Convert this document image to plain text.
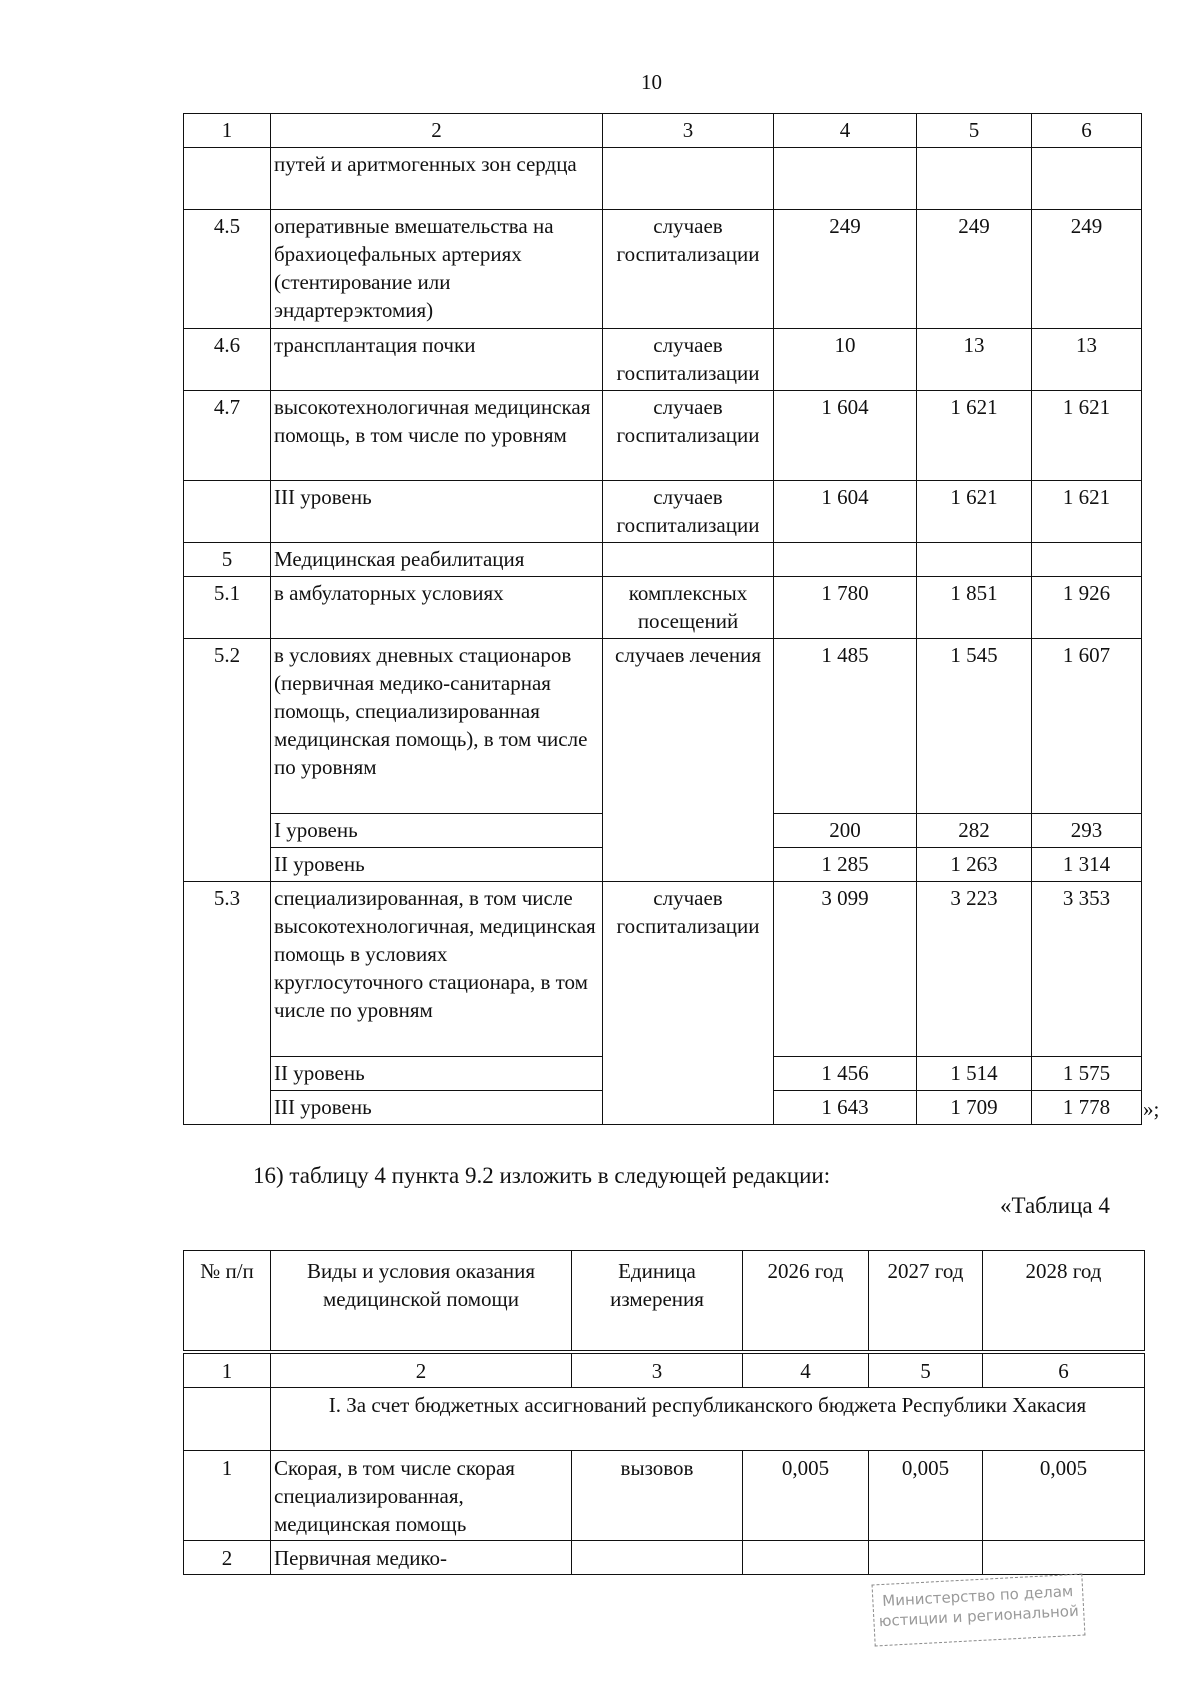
10
1	2	3	4	5	6
	путей и аритмогенных зон сердца				
4.5	оперативные вмешательства на брахиоцефальных артериях (стентирование или эндартерэктомия)	случаев госпитализации	249	249	249
4.6	трансплантация почки	случаев госпитализации	10	13	13
4.7	высокотехнологичная медицинская помощь, в том числе по уровням	случаев госпитализации	1 604	1 621	1 621
	III уровень	случаев госпитализации	1 604	1 621	1 621
5	Медицинская реабилитация				
5.1	в амбулаторных условиях	комплексных посещений	1 780	1 851	1 926
5.2	в условиях дневных стационаров (первичная медико-санитарная помощь, специализированная медицинская помощь), в том числе по уровням	случаев лечения	1 485	1 545	1 607
	I уровень		200	282	293
	II уровень		1 285	1 263	1 314
5.3	специализированная, в том числе высокотехнологичная, медицинская помощь в условиях круглосуточного стационара, в том числе по уровням	случаев госпитализации	3 099	3 223	3 353
	II уровень		1 456	1 514	1 575
	III уровень		1 643	1 709	1 778 »;
16) таблицу 4 пункта 9.2 изложить в следующей редакции:
«Таблица 4
№ п/п	Виды и условия оказания медицинской помощи	Единица измерения	2026 год	2027 год	2028 год
1	2	3	4	5	6
	I. За счет бюджетных ассигнований республиканского бюджета Республики Хакасия				
1	Скорая, в том числе скорая специализированная, медицинская помощь	вызовов	0,005	0,005	0,005
2	Первичная медико-				
Министерство по делам
юстиции и региональной
